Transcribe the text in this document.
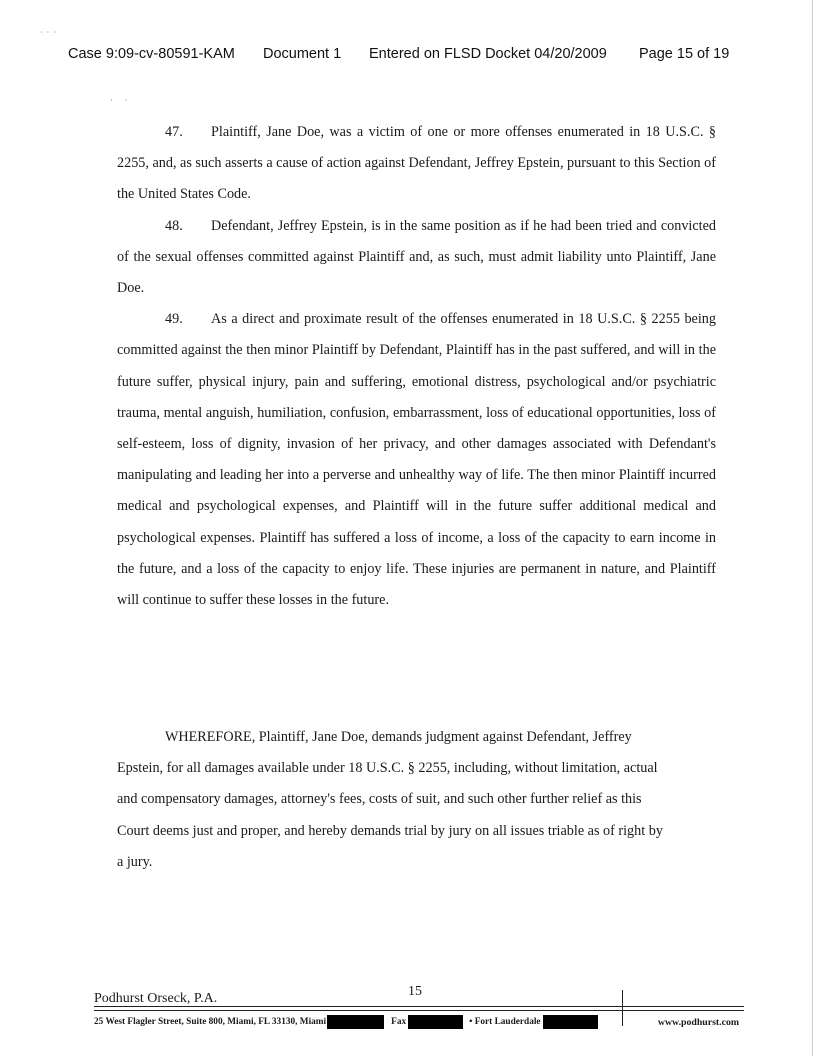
·  ·  ·
·      ·
Case 9:09-cv-80591-KAM	Document 1	Entered on FLSD Docket 04/20/2009	Page 15 of 19

47. Plaintiff, Jane Doe, was a victim of one or more offenses enumerated in 18 U.S.C. § 2255, and, as such asserts a cause of action against Defendant, Jeffrey Epstein, pursuant to this Section of the United States Code.

48. Defendant, Jeffrey Epstein, is in the same position as if he had been tried and convicted of the sexual offenses committed against Plaintiff and, as such, must admit liability unto Plaintiff, Jane Doe.

49. As a direct and proximate result of the offenses enumerated in 18 U.S.C. § 2255 being committed against the then minor Plaintiff by Defendant, Plaintiff has in the past suffered, and will in the future suffer, physical injury, pain and suffering, emotional distress, psychological and/or psychiatric trauma, mental anguish, humiliation, confusion, embarrassment, loss of educational opportunities, loss of self-esteem, loss of dignity, invasion of her privacy, and other damages associated with Defendant's manipulating and leading her into a perverse and unhealthy way of life. The then minor Plaintiff incurred medical and psychological expenses, and Plaintiff will in the future suffer additional medical and psychological expenses. Plaintiff has suffered a loss of income, a loss of the capacity to earn income in the future, and a loss of the capacity to enjoy life. These injuries are permanent in nature, and Plaintiff will continue to suffer these losses in the future.

WHEREFORE, Plaintiff, Jane Doe, demands judgment against Defendant, Jeffrey

Epstein, for all damages available under 18 U.S.C. § 2255, including, without limitation, actual
and compensatory damages, attorney's fees, costs of suit, and such other further relief as this
Court deems just and proper, and hereby demands trial by jury on all issues triable as of right by
a jury.
15
Podhurst Orseck, P.A.
25 West Flagler Street, Suite 800, Miami, FL 33130, Miami	Fax	• Fort Lauderdale	www.podhurst.com
